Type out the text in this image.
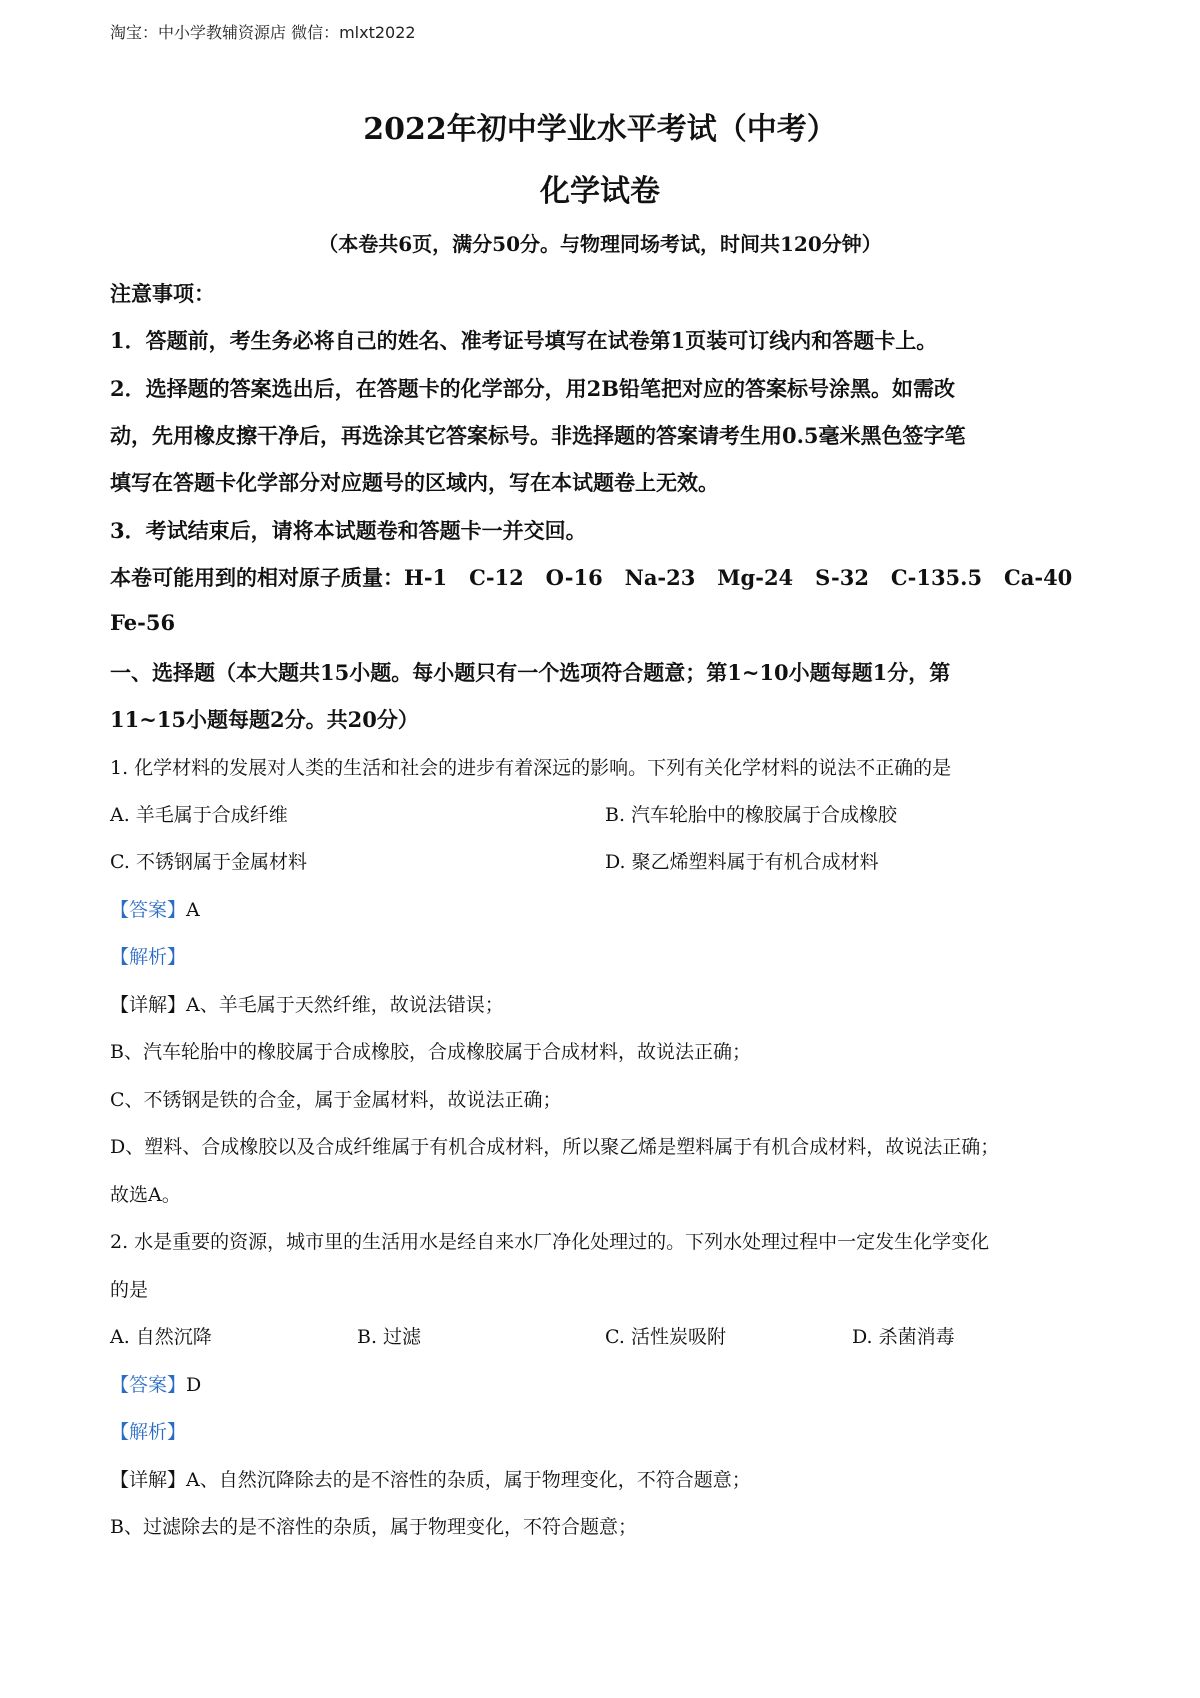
淘宝：中小学教辅资源店 微信：mlxt2022
2022年初中学业水平考试（中考）
化学试卷
（本卷共6页，满分50分。与物理同场考试，时间共120分钟）
注意事项：
1．答题前，考生务必将自己的姓名、准考证号填写在试卷第1页装可订线内和答题卡上。
2．选择题的答案选出后，在答题卡的化学部分，用2B铅笔把对应的答案标号涂黑。如需改
动，先用橡皮擦干净后，再选涂其它答案标号。非选择题的答案请考生用0.5毫米黑色签字笔
填写在答题卡化学部分对应题号的区域内，写在本试题卷上无效。
3．考试结束后，请将本试题卷和答题卡一并交回。
本卷可能用到的相对原子质量：H-1   C-12   O-16   Na-23   Mg-24   S-32   C-135.5   Ca-40
Fe-56
一、选择题（本大题共15小题。每小题只有一个选项符合题意；第1~10小题每题1分，第
11~15小题每题2分。共20分）
1. 化学材料的发展对人类的生活和社会的进步有着深远的影响。下列有关化学材料的说法不正确的是
A. 羊毛属于合成纤维	B. 汽车轮胎中的橡胶属于合成橡胶
C. 不锈钢属于金属材料	D. 聚乙烯塑料属于有机合成材料
【答案】A
【解析】
【详解】A、羊毛属于天然纤维，故说法错误；
B、汽车轮胎中的橡胶属于合成橡胶，合成橡胶属于合成材料，故说法正确；
C、不锈钢是铁的合金，属于金属材料，故说法正确；
D、塑料、合成橡胶以及合成纤维属于有机合成材料，所以聚乙烯是塑料属于有机合成材料，故说法正确；
故选A。
2. 水是重要的资源，城市里的生活用水是经自来水厂净化处理过的。下列水处理过程中一定发生化学变化
的是
A. 自然沉降	B. 过滤	C. 活性炭吸附	D. 杀菌消毒
【答案】D
【解析】
【详解】A、自然沉降除去的是不溶性的杂质，属于物理变化，不符合题意；
B、过滤除去的是不溶性的杂质，属于物理变化，不符合题意；
